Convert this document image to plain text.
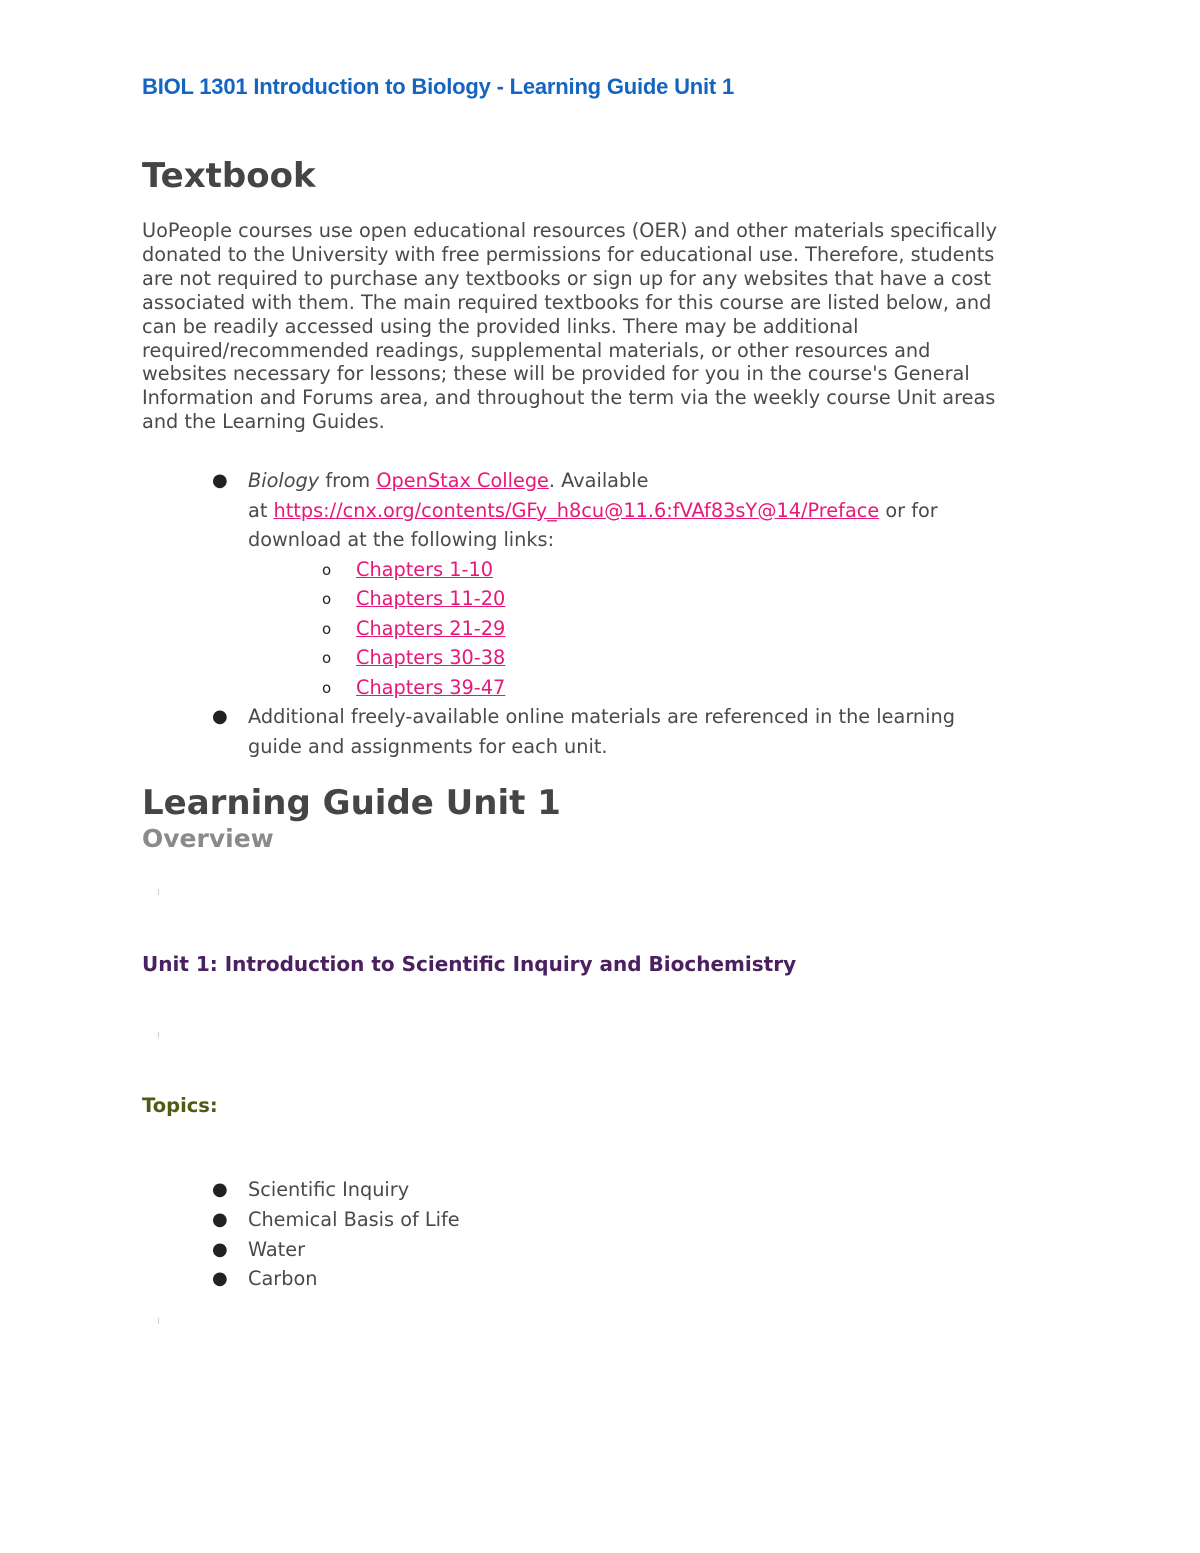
BIOL 1301 Introduction to Biology - Learning Guide Unit 1
Textbook

UoPeople courses use open educational resources (OER) and other materials specifically
donated to the University with free permissions for educational use. Therefore, students
are not required to purchase any textbooks or sign up for any websites that have a cost
associated with them. The main required textbooks for this course are listed below, and
can be readily accessed using the provided links. There may be additional
required/recommended readings, supplemental materials, or other resources and
websites necessary for lessons; these will be provided for you in the course's General
Information and Forums area, and throughout the term via the weekly course Unit areas
and the Learning Guides.

● Biology from OpenStax College. Available
at https://cnx.org/contents/GFy_h8cu@11.6:fVAf83sY@14/Preface or for
download at the following links:
o Chapters 1-10
o Chapters 11-20
o Chapters 21-29
o Chapters 30-38
o Chapters 39-47
● Additional freely-available online materials are referenced in the learning
guide and assignments for each unit.
Learning Guide Unit 1
Overview
Unit 1: Introduction to Scientific Inquiry and Biochemistry
Topics:
● Scientific Inquiry
● Chemical Basis of Life
● Water
● Carbon
